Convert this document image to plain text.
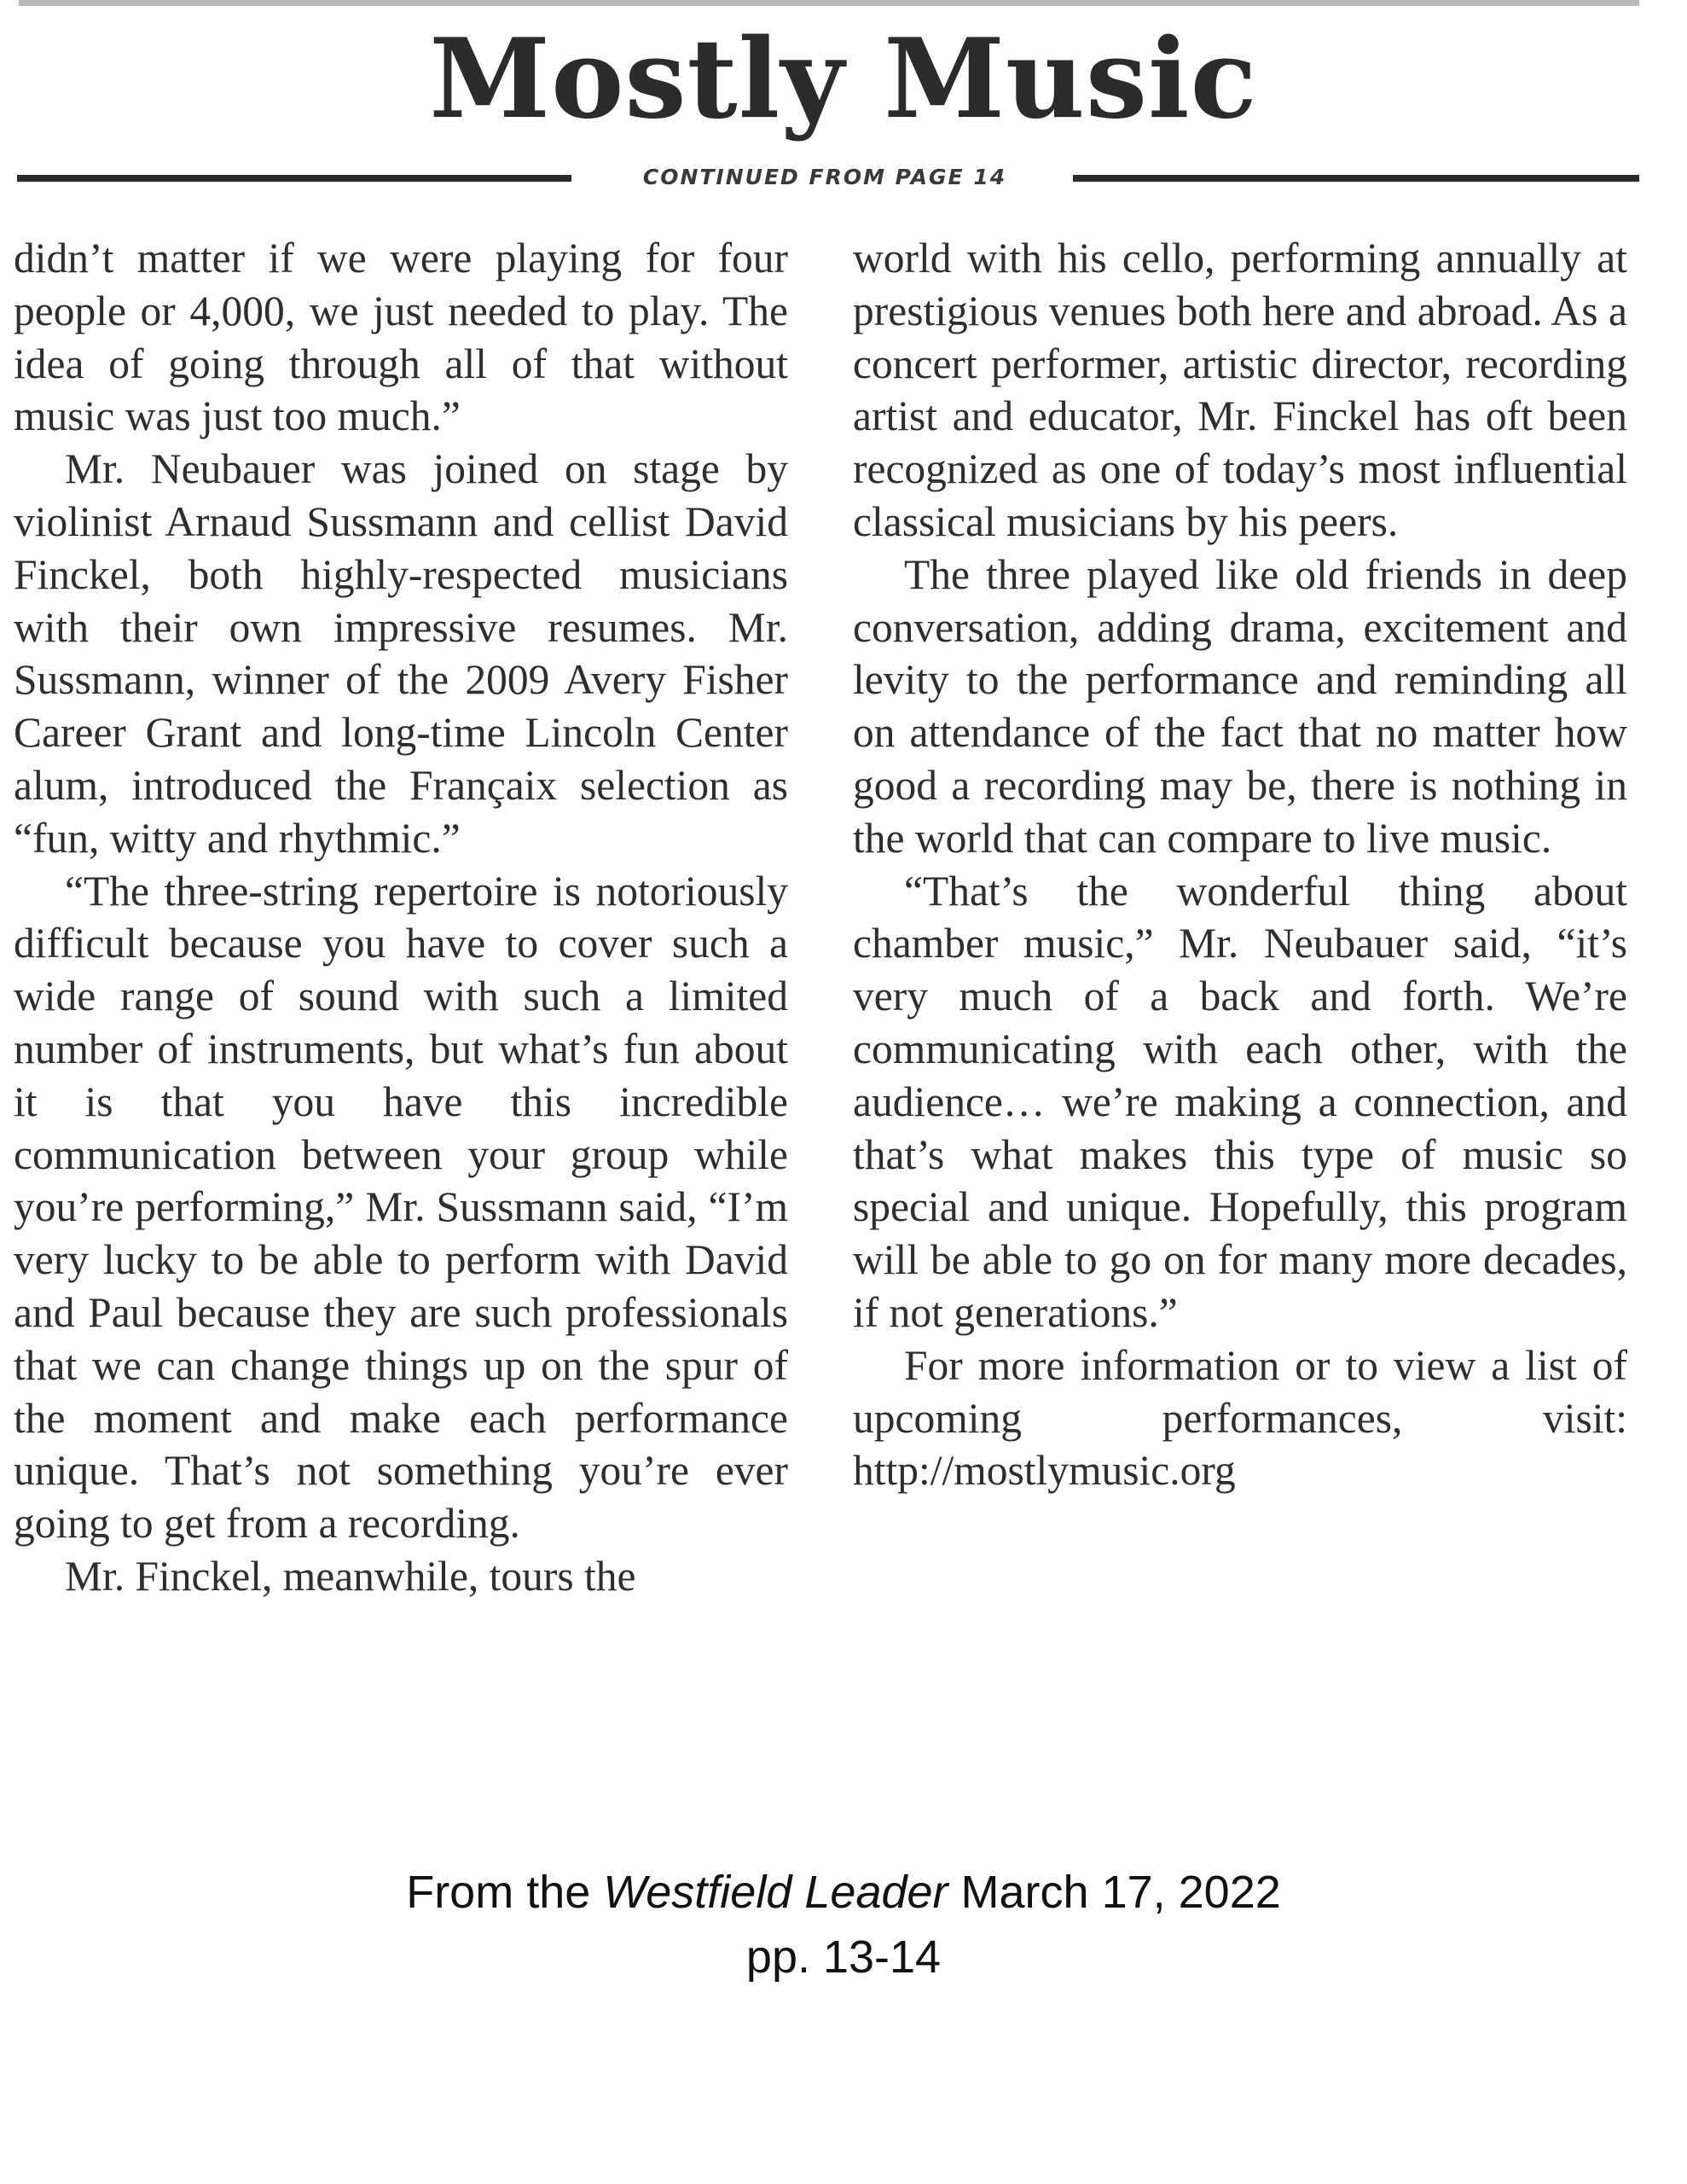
Mostly Music
CONTINUED FROM PAGE 14

didn’t matter if we were playing for four people or 4,000, we just needed to play. The idea of going through all of that without music was just too much.”

Mr. Neubauer was joined on stage by violinist Arnaud Sussmann and cellist David Finckel, both highly-respected musicians with their own impressive resumes. Mr. Sussmann, winner of the 2009 Avery Fisher Career Grant and long-time Lincoln Center alum, introduced the Françaix selection as “fun, witty and rhythmic.”

“The three-string repertoire is notoriously difficult because you have to cover such a wide range of sound with such a limited number of instruments, but what’s fun about it is that you have this incredible communication between your group while you’re performing,” Mr. Sussmann said, “I’m very lucky to be able to perform with David and Paul because they are such professionals that we can change things up on the spur of the moment and make each performance unique. That’s not something you’re ever going to get from a recording.

Mr. Finckel, meanwhile, tours the

world with his cello, performing annually at prestigious venues both here and abroad. As a concert performer, artistic director, recording artist and educator, Mr. Finckel has oft been recognized as one of today’s most influential classical musicians by his peers.

The three played like old friends in deep conversation, adding drama, excitement and levity to the performance and reminding all on attendance of the fact that no matter how good a recording may be, there is nothing in the world that can compare to live music.

“That’s the wonderful thing about chamber music,” Mr. Neubauer said, “it’s very much of a back and forth. We’re communicating with each other, with the audience… we’re making a connection, and that’s what makes this type of music so special and unique. Hopefully, this program will be able to go on for many more decades, if not generations.”

For more information or to view a list of upcoming performances, visit: http://mostlymusic.org

From the Westfield Leader March 17, 2022
pp. 13-14
